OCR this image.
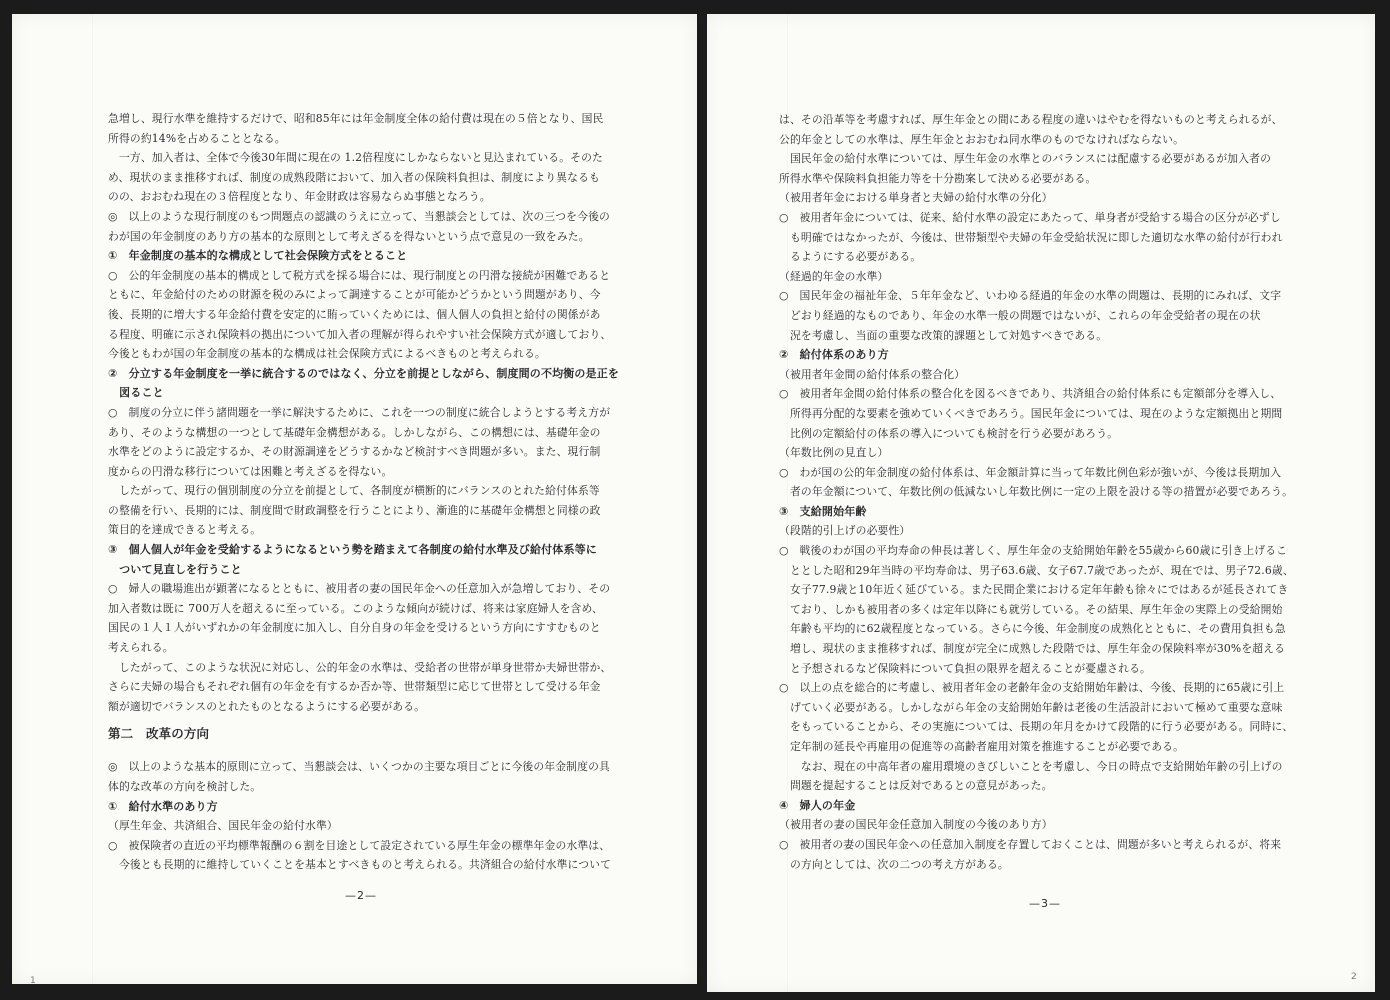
急増し、現行水準を維持するだけで、昭和85年には年金制度全体の給付費は現在の５倍となり、国民
所得の約14%を占めることとなる。
　一方、加入者は、全体で今後30年間に現在の 1.2倍程度にしかならないと見込まれている。そのた
め、現状のまま推移すれば、制度の成熟段階において、加入者の保険料負担は、制度により異なるも
のの、おおむね現在の３倍程度となり、年金財政は容易ならぬ事態となろう。
◎　以上のような現行制度のもつ問題点の認識のうえに立って、当懇談会としては、次の三つを今後の
わが国の年金制度のあり方の基本的な原則として考えざるを得ないという点で意見の一致をみた。
①　年金制度の基本的な構成として社会保険方式をとること
○　公的年金制度の基本的構成として税方式を採る場合には、現行制度との円滑な接続が困難であると
ともに、年金給付のための財源を税のみによって調達することが可能かどうかという問題があり、今
後、長期的に増大する年金給付費を安定的に賄っていくためには、個人個人の負担と給付の関係があ
る程度、明確に示され保険料の拠出について加入者の理解が得られやすい社会保険方式が適しており、
今後ともわが国の年金制度の基本的な構成は社会保険方式によるべきものと考えられる。
②　分立する年金制度を一挙に統合するのではなく、分立を前提としながら、制度間の不均衡の是正を
　図ること
○　制度の分立に伴う諸問題を一挙に解決するために、これを一つの制度に統合しようとする考え方が
あり、そのような構想の一つとして基礎年金構想がある。しかしながら、この構想には、基礎年金の
水準をどのように設定するか、その財源調達をどうするかなど検討すべき問題が多い。また、現行制
度からの円滑な移行については困難と考えざるを得ない。
　したがって、現行の個別制度の分立を前提として、各制度が横断的にバランスのとれた給付体系等
の整備を行い、長期的には、制度間で財政調整を行うことにより、漸進的に基礎年金構想と同様の政
策目的を達成できると考える。
③　個人個人が年金を受給するようになるという勢を踏まえて各制度の給付水準及び給付体系等に
　ついて見直しを行うこと
○　婦人の職場進出が顕著になるとともに、被用者の妻の国民年金への任意加入が急増しており、その
加入者数は既に 700万人を超えるに至っている。このような傾向が続けば、将来は家庭婦人を含め、
国民の１人１人がいずれかの年金制度に加入し、自分自身の年金を受けるという方向にすすむものと
考えられる。
　したがって、このような状況に対応し、公的年金の水準は、受給者の世帯が単身世帯か夫婦世帯か、
さらに夫婦の場合もそれぞれ個有の年金を有するか否か等、世帯類型に応じて世帯として受ける年金
額が適切でバランスのとれたものとなるようにする必要がある。
第二　改革の方向
◎　以上のような基本的原則に立って、当懇談会は、いくつかの主要な項目ごとに今後の年金制度の具
体的な改革の方向を検討した。
①　給付水準のあり方
（厚生年金、共済組合、国民年金の給付水準）
○　被保険者の直近の平均標準報酬の６割を目途として設定されている厚生年金の標準年金の水準は、
　今後とも長期的に維持していくことを基本とすべきものと考えられる。共済組合の給付水準について
—2—
1
は、その沿革等を考慮すれば、厚生年金との間にある程度の違いはやむを得ないものと考えられるが、
公的年金としての水準は、厚生年金とおおむね同水準のものでなければならない。
　国民年金の給付水準については、厚生年金の水準とのバランスには配慮する必要があるが加入者の
所得水準や保険料負担能力等を十分勘案して決める必要がある。
（被用者年金における単身者と夫婦の給付水準の分化）
○　被用者年金については、従来、給付水準の設定にあたって、単身者が受給する場合の区分が必ずし
　も明確ではなかったが、今後は、世帯類型や夫婦の年金受給状況に即した適切な水準の給付が行われ
　るようにする必要がある。
（経過的年金の水準）
○　国民年金の福祉年金、５年年金など、いわゆる経過的年金の水準の問題は、長期的にみれば、文字
　どおり経過的なものであり、年金の水準一般の問題ではないが、これらの年金受給者の現在の状
　況を考慮し、当面の重要な改策的課題として対処すべきである。
②　給付体系のあり方
（被用者年金間の給付体系の整合化）
○　被用者年金間の給付体系の整合化を図るべきであり、共済組合の給付体系にも定額部分を導入し、
　所得再分配的な要素を強めていくべきであろう。国民年金については、現在のような定額拠出と期間
　比例の定額給付の体系の導入についても検討を行う必要があろう。
（年数比例の見直し）
○　わが国の公的年金制度の給付体系は、年金額計算に当って年数比例色彩が強いが、今後は長期加入
　者の年金額について、年数比例の低減ないし年数比例に一定の上限を設ける等の措置が必要であろう。
③　支給開始年齢
（段階的引上げの必要性）
○　戦後のわが国の平均寿命の伸長は著しく、厚生年金の支給開始年齢を55歳から60歳に引き上げるこ
　ととした昭和29年当時の平均寿命は、男子63.6歳、女子67.7歳であったが、現在では、男子72.6歳、
　女子77.9歳と10年近く延びている。また民間企業における定年年齢も徐々にではあるが延長されてき
　ており、しかも被用者の多くは定年以降にも就労している。その結果、厚生年金の実際上の受給開始
　年齢も平均的に62歳程度となっている。さらに今後、年金制度の成熟化とともに、その費用負担も急
　増し、現状のまま推移すれば、制度が完全に成熟した段階では、厚生年金の保険料率が30%を超える
　と予想されるなど保険料について負担の限界を超えることが憂慮される。
○　以上の点を総合的に考慮し、被用者年金の老齢年金の支給開始年齢は、今後、長期的に65歳に引上
　げていく必要がある。しかしながら年金の支給開始年齢は老後の生活設計において極めて重要な意味
　をもっていることから、その実施については、長期の年月をかけて段階的に行う必要がある。同時に、
　定年制の延長や再雇用の促進等の高齢者雇用対策を推進することが必要である。
　　なお、現在の中高年者の雇用環境のきびしいことを考慮し、今日の時点で支給開始年齢の引上げの
　問題を提起することは反対であるとの意見があった。
④　婦人の年金
（被用者の妻の国民年金任意加入制度の今後のあり方）
○　被用者の妻の国民年金への任意加入制度を存置しておくことは、問題が多いと考えられるが、将来
　の方向としては、次の二つの考え方がある。
—3—
2
